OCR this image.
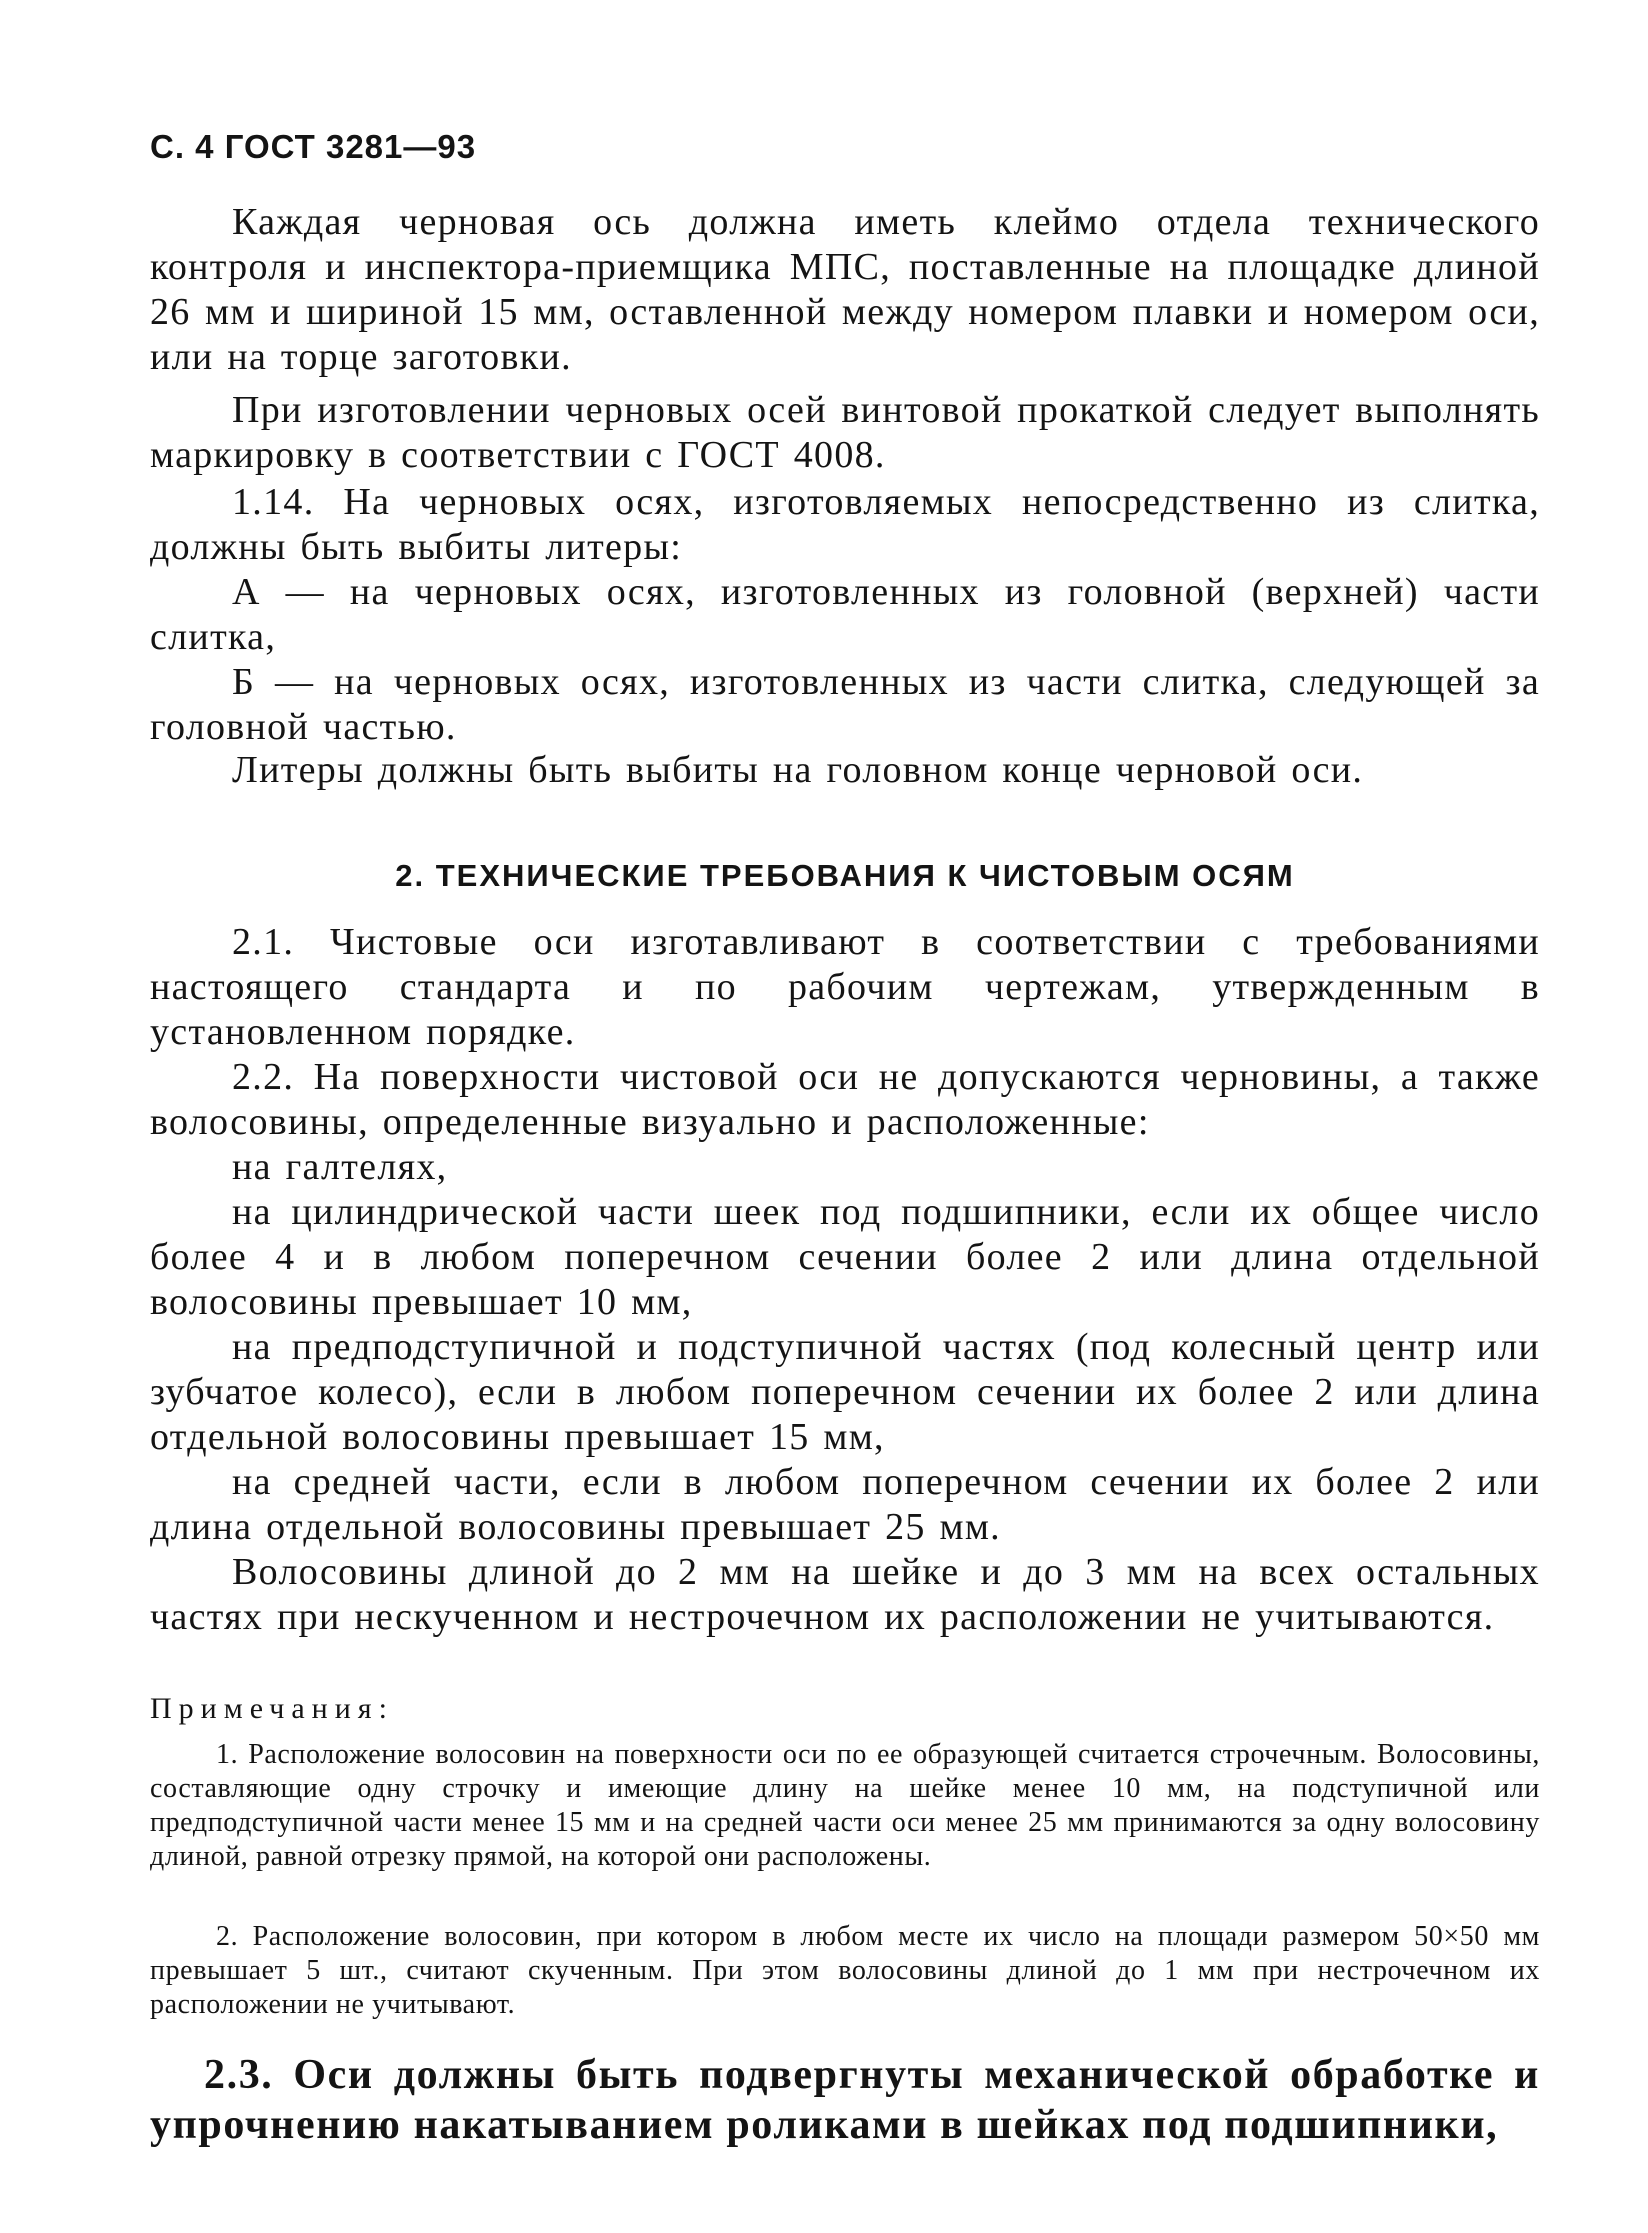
С. 4 ГОСТ 3281—93

Каждая черновая ось должна иметь клеймо отдела технического контроля и инспектора-приемщика МПС, поставленные на площадке длиной 26 мм и шириной 15 мм, оставленной между номером плавки и номером оси, или на торце заготовки.

При изготовлении черновых осей винтовой прокаткой следует выполнять маркировку в соответствии с ГОСТ 4008.

1.14. На черновых осях, изготовляемых непосредственно из слитка, должны быть выбиты литеры:

А — на черновых осях, изготовленных из головной (верхней) части слитка,

Б — на черновых осях, изготовленных из части слитка, следующей за головной частью.

Литеры должны быть выбиты на головном конце черновой оси.

2. ТЕХНИЧЕСКИЕ ТРЕБОВАНИЯ К ЧИСТОВЫМ ОСЯМ

2.1. Чистовые оси изготавливают в соответствии с требованиями настоящего стандарта и по рабочим чертежам, утвержденным в установленном порядке.

2.2. На поверхности чистовой оси не допускаются черновины, а также волосовины, определенные визуально и расположенные:

на галтелях,

на цилиндрической части шеек под подшипники, если их общее число более 4 и в любом поперечном сечении более 2 или длина отдельной волосовины превышает 10 мм,

на предподступичной и подступичной частях (под колесный центр или зубчатое колесо), если в любом поперечном сечении их более 2 или длина отдельной волосовины превышает 15 мм,

на средней части, если в любом поперечном сечении их более 2 или длина отдельной волосовины превышает 25 мм.

Волосовины длиной до 2 мм на шейке и до 3 мм на всех остальных частях при нескученном и нестрочечном их расположении не учитываются.

Примечания:

1. Расположение волосовин на поверхности оси по ее образующей считается строчечным. Волосовины, составляющие одну строчку и имеющие длину на шейке менее 10 мм, на подступичной или предподступичной части менее 15 мм и на средней части оси менее 25 мм принимаются за одну волосовину длиной, равной отрезку прямой, на которой они расположены.

2. Расположение волосовин, при котором в любом месте их число на площади размером 50×50 мм превышает 5 шт., считают скученным. При этом волосовины длиной до 1 мм при нестрочечном их расположении не учитывают.

2.3. Оси должны быть подвергнуты механической обработке и упрочнению накатыванием роликами в шейках под подшипники,
